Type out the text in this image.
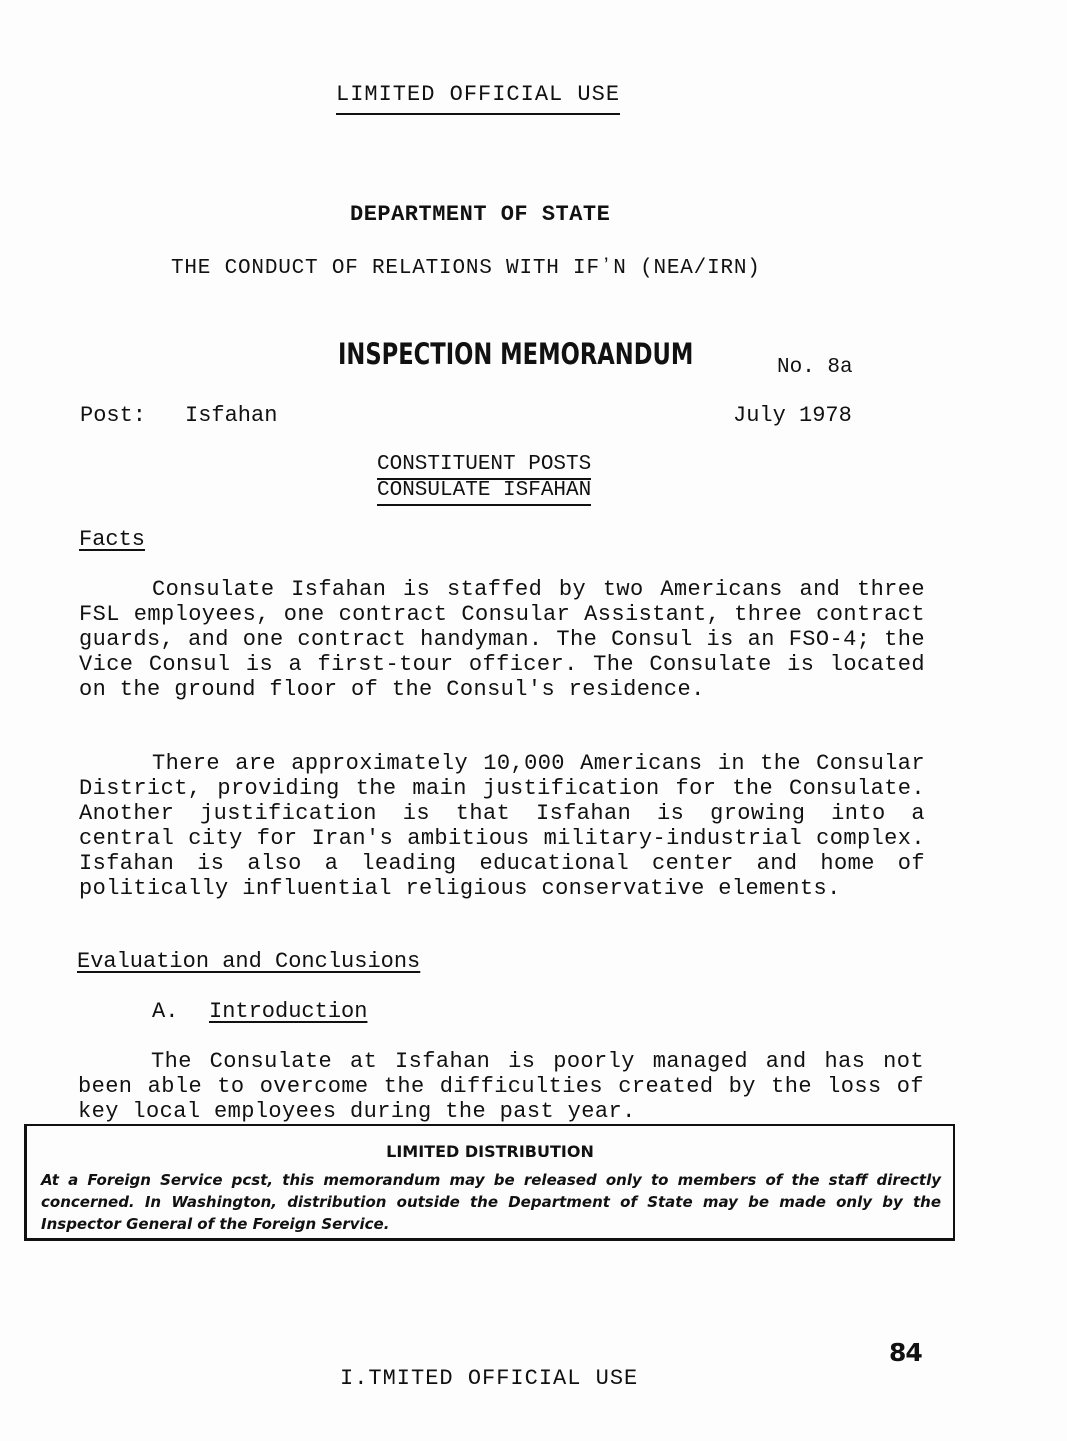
LIMITED OFFICIAL USE
DEPARTMENT OF STATE
THE CONDUCT OF RELATIONS WITH IFʼN (NEA/IRN)
INSPECTION MEMORANDUM	No. 8a
Post: Isfahan	July 1978
CONSTITUENT POSTS
CONSULATE ISFAHAN
Facts
Consulate Isfahan is staffed by two Americans and three FSL employees, one contract Consular Assistant, three contract guards, and one contract handyman. The Consul is an FSO-4; the Vice Consul is a first-tour officer. The Consulate is located on the ground floor of the Consul's residence.
There are approximately 10,000 Americans in the Consular District, providing the main justification for the Consulate. Another justification is that Isfahan is growing into a central city for Iran's ambitious military-industrial complex. Isfahan is also a leading educational center and home of politically influential religious conservative elements.
Evaluation and Conclusions
A. Introduction
The Consulate at Isfahan is poorly managed and has not been able to overcome the difficulties created by the loss of key local employees during the past year.
LIMITED DISTRIBUTION
At a Foreign Service pcst, this memorandum may be released only to members of the staff directly concerned. In Washington, distribution outside the Department of State may be made only by the Inspector General of the Foreign Service.
84
I.TMITED OFFICIAL USE
